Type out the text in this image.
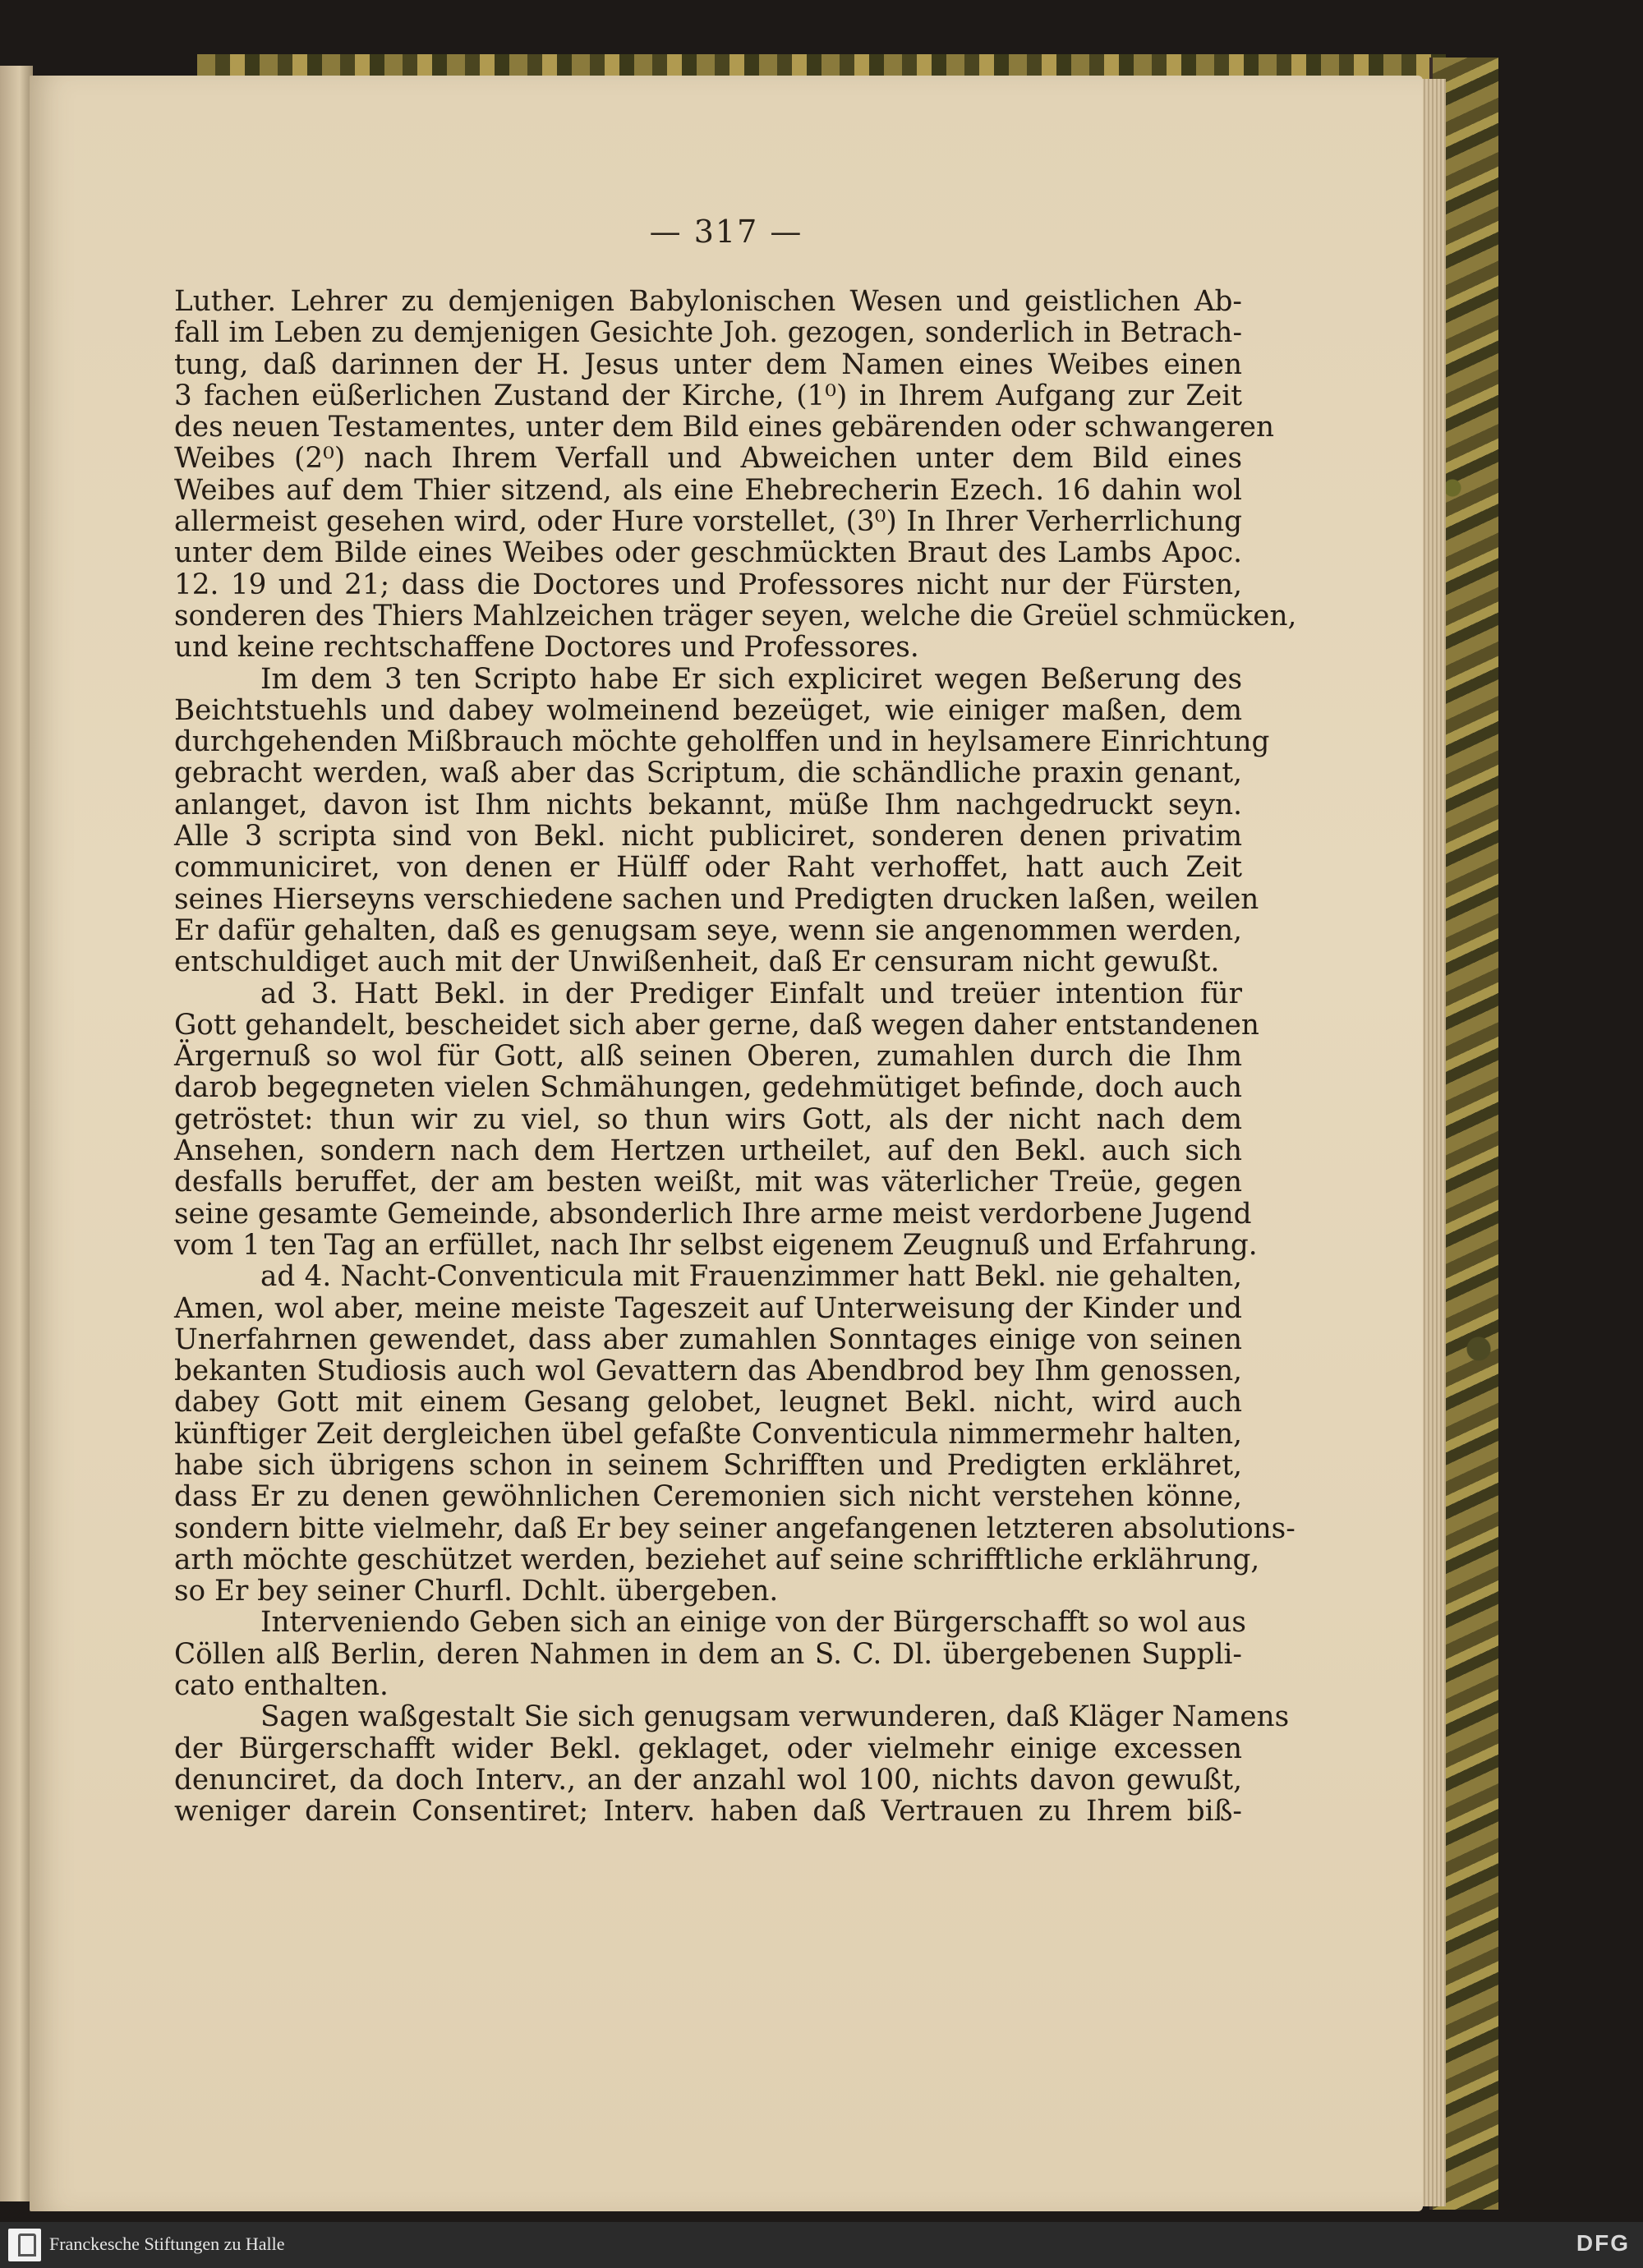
— 317 —
Luther. Lehrer zu demjenigen Babylonischen Wesen und geistlichen Ab-
fall im Leben zu demjenigen Gesichte Joh. gezogen, sonderlich in Betrach-
tung, daß darinnen der H. Jesus unter dem Namen eines Weibes einen
3 fachen eüßerlichen Zustand der Kirche, (1⁰) in Ihrem Aufgang zur Zeit
des neuen Testamentes, unter dem Bild eines gebärenden oder schwangeren
Weibes (2⁰) nach Ihrem Verfall und Abweichen unter dem Bild eines
Weibes auf dem Thier sitzend, als eine Ehebrecherin Ezech. 16 dahin wol
allermeist gesehen wird, oder Hure vorstellet, (3⁰) In Ihrer Verherrlichung
unter dem Bilde eines Weibes oder geschmückten Braut des Lambs Apoc.
12. 19 und 21; dass die Doctores und Professores nicht nur der Fürsten,
sonderen des Thiers Mahlzeichen träger seyen, welche die Greüel schmücken,
und keine rechtschaffene Doctores und Professores.
Im dem 3 ten Scripto habe Er sich expliciret wegen Beßerung des
Beichtstuehls und dabey wolmeinend bezeüget, wie einiger maßen, dem
durchgehenden Mißbrauch möchte geholffen und in heylsamere Einrichtung
gebracht werden, waß aber das Scriptum, die schändliche praxin genant,
anlanget, davon ist Ihm nichts bekannt, müße Ihm nachgedruckt seyn.
Alle 3 scripta sind von Bekl. nicht publiciret, sonderen denen privatim
communiciret, von denen er Hülff oder Raht verhoffet, hatt auch Zeit
seines Hierseyns verschiedene sachen und Predigten drucken laßen, weilen
Er dafür gehalten, daß es genugsam seye, wenn sie angenommen werden,
entschuldiget auch mit der Unwißenheit, daß Er censuram nicht gewußt.
ad 3. Hatt Bekl. in der Prediger Einfalt und treüer intention für
Gott gehandelt, bescheidet sich aber gerne, daß wegen daher entstandenen
Ärgernuß so wol für Gott, alß seinen Oberen, zumahlen durch die Ihm
darob begegneten vielen Schmähungen, gedehmütiget befinde, doch auch
getröstet: thun wir zu viel, so thun wirs Gott, als der nicht nach dem
Ansehen, sondern nach dem Hertzen urtheilet, auf den Bekl. auch sich
desfalls beruffet, der am besten weißt, mit was väterlicher Treüe, gegen
seine gesamte Gemeinde, absonderlich Ihre arme meist verdorbene Jugend
vom 1 ten Tag an erfüllet, nach Ihr selbst eigenem Zeugnuß und Erfahrung.
ad 4. Nacht-Conventicula mit Frauenzimmer hatt Bekl. nie gehalten,
Amen, wol aber, meine meiste Tageszeit auf Unterweisung der Kinder und
Unerfahrnen gewendet, dass aber zumahlen Sonntages einige von seinen
bekanten Studiosis auch wol Gevattern das Abendbrod bey Ihm genossen,
dabey Gott mit einem Gesang gelobet, leugnet Bekl. nicht, wird auch
künftiger Zeit dergleichen übel gefaßte Conventicula nimmermehr halten,
habe sich übrigens schon in seinem Schrifften und Predigten erklähret,
dass Er zu denen gewöhnlichen Ceremonien sich nicht verstehen könne,
sondern bitte vielmehr, daß Er bey seiner angefangenen letzteren absolutions-
arth möchte geschützet werden, beziehet auf seine schrifftliche erklährung,
so Er bey seiner Churfl. Dchlt. übergeben.
Interveniendo Geben sich an einige von der Bürgerschafft so wol aus
Cöllen alß Berlin, deren Nahmen in dem an S. C. Dl. übergebenen Suppli-
cato enthalten.
Sagen waßgestalt Sie sich genugsam verwunderen, daß Kläger Namens
der Bürgerschafft wider Bekl. geklaget, oder vielmehr einige excessen
denunciret, da doch Interv., an der anzahl wol 100, nichts davon gewußt,
weniger darein Consentiret; Interv. haben daß Vertrauen zu Ihrem biß-
Franckesche Stiftungen zu Halle	DFG
